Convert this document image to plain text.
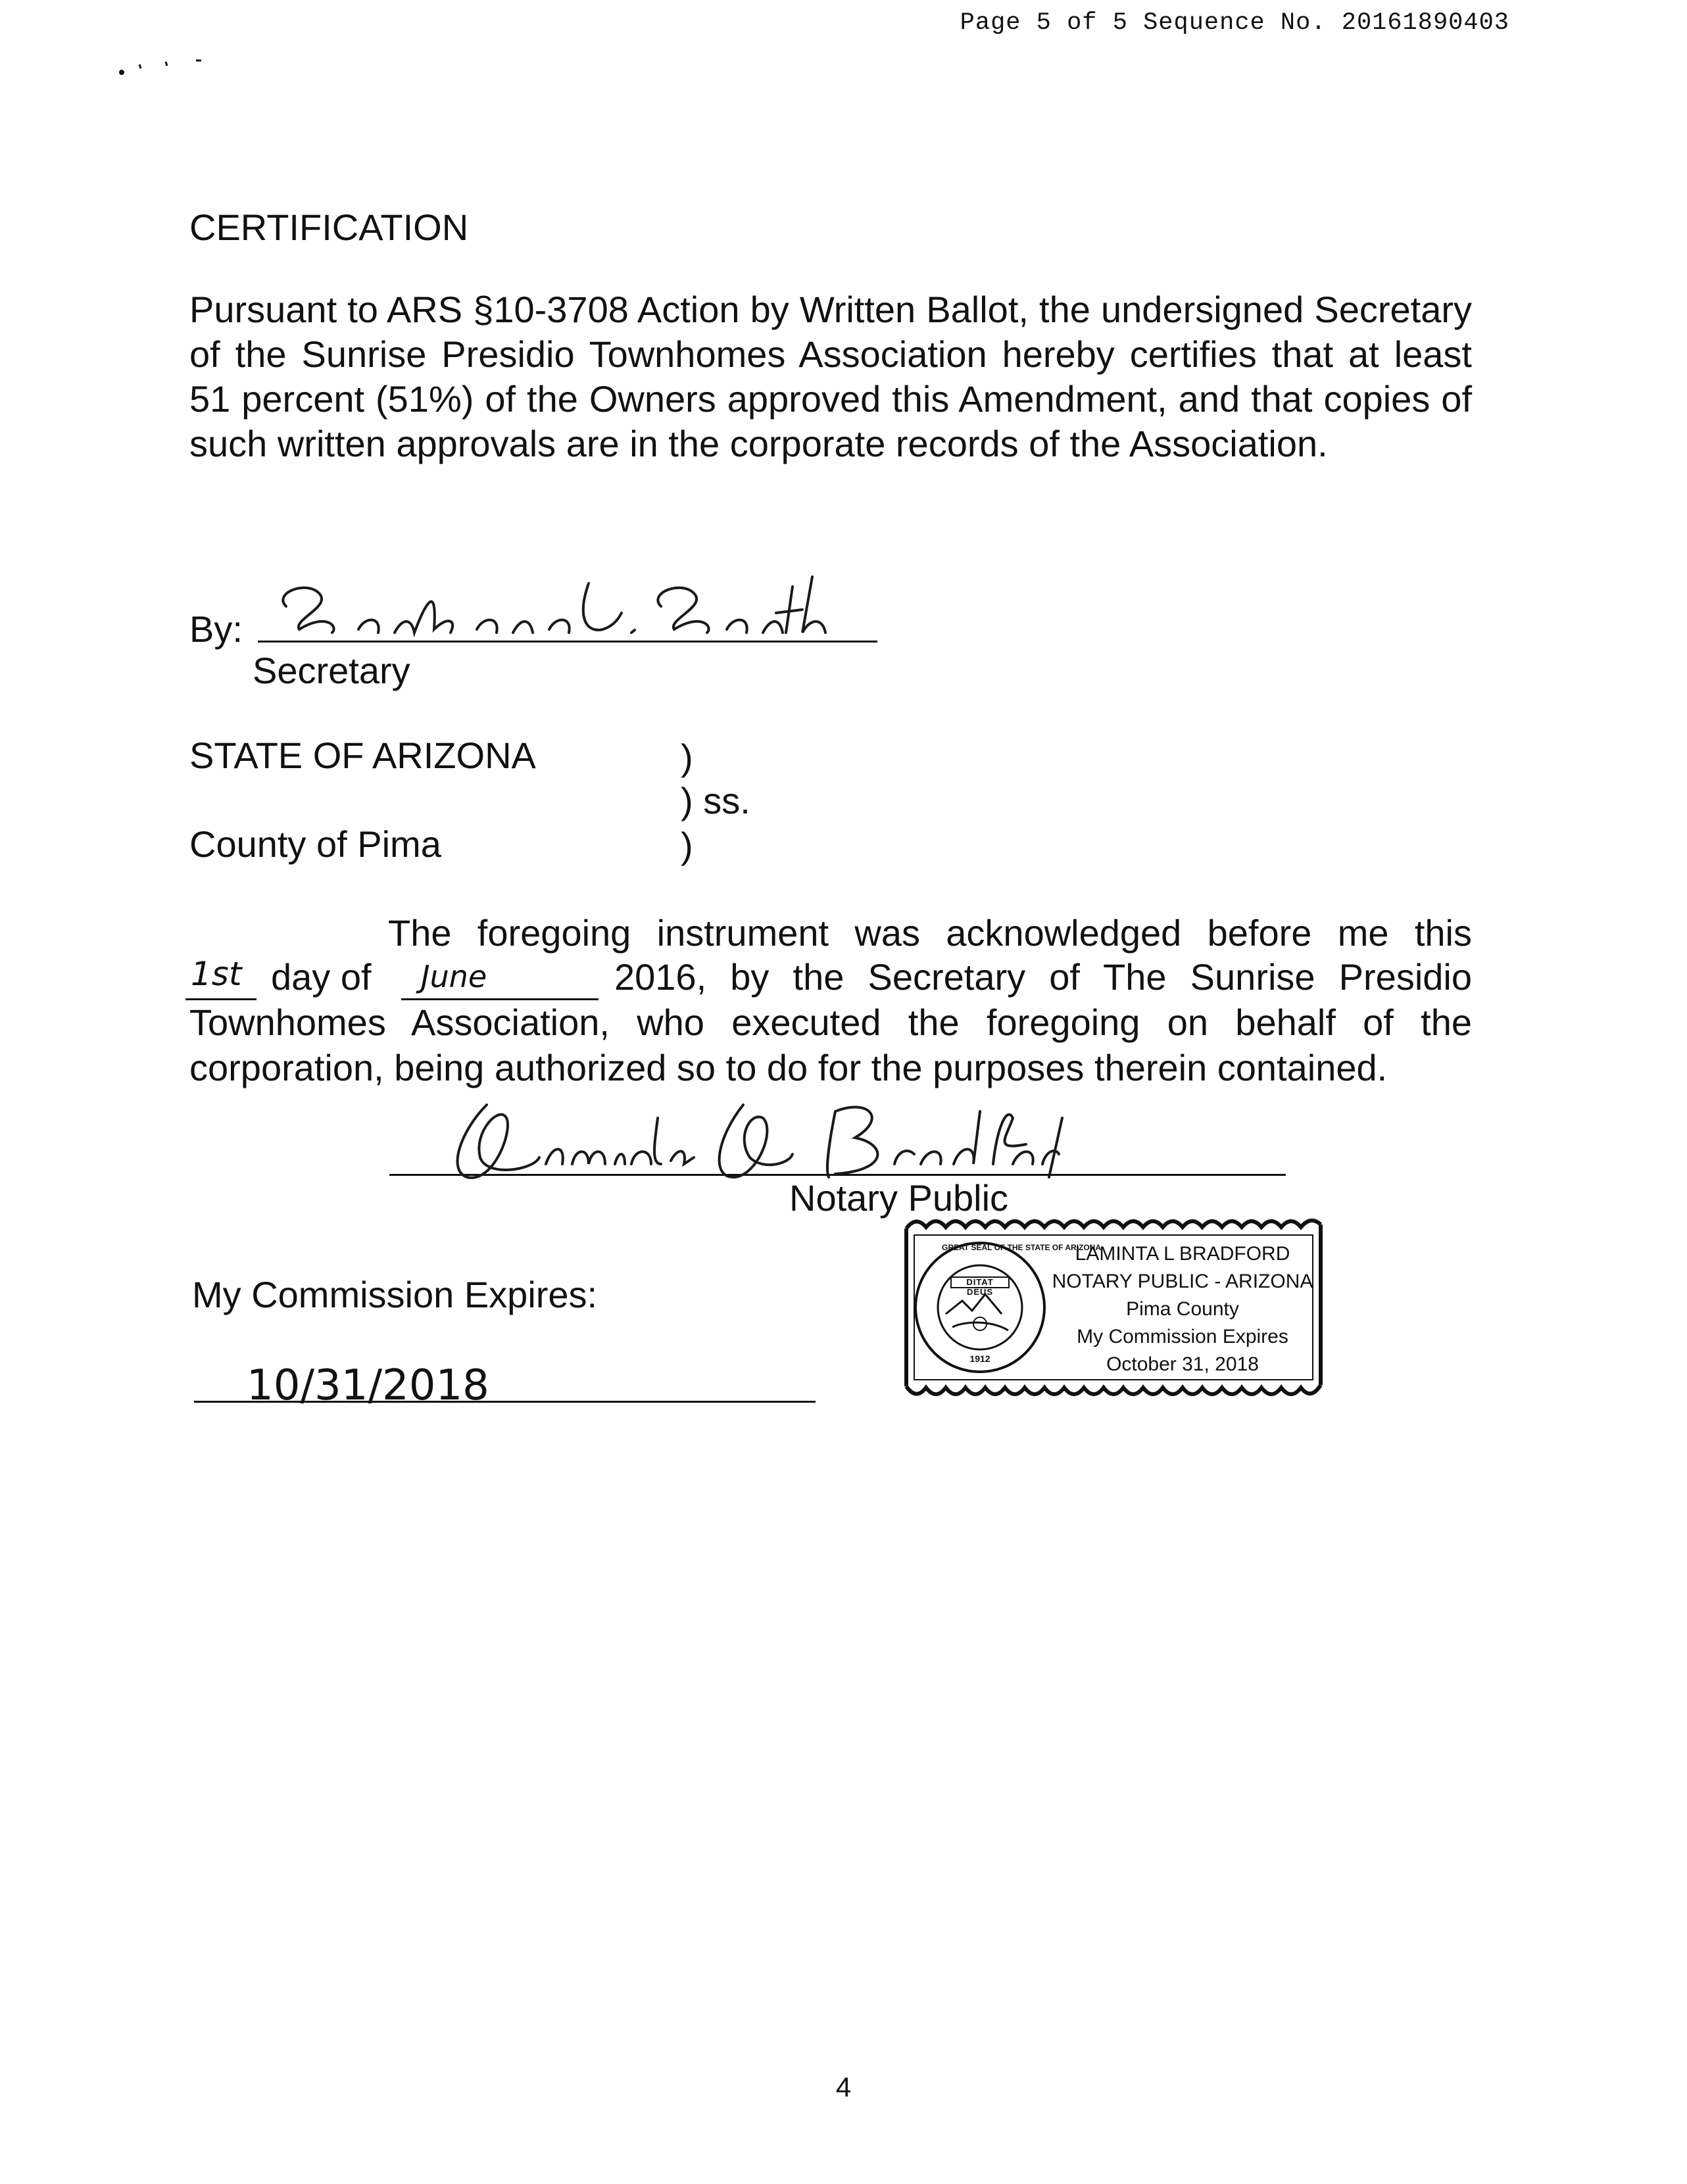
Page 5 of 5 Sequence No. 20161890403
CERTIFICATION
Pursuant to ARS §10-3708 Action by Written Ballot, the undersigned Secretary of the Sunrise Presidio Townhomes Association hereby certifies that at least 51 percent (51%) of the Owners approved this Amendment, and that copies of such written approvals are in the corporate records of the Association.
By:
Secretary
STATE OF ARIZONA	)
) ss.
County of Pima	)
The foregoing instrument was acknowledged before me this
1st day of June	2016, by the Secretary of The Sunrise Presidio
Townhomes Association, who executed the foregoing on behalf of the
corporation, being authorized so to do for the purposes therein contained.
Notary Public
My Commission Expires:
10/31/2018
GREAT SEAL OF THE STATE OF ARIZONA
DITAT DEUS
1912
LAMINTA L BRADFORD
NOTARY PUBLIC - ARIZONA
Pima County
My Commission Expires
October 31, 2018
4
